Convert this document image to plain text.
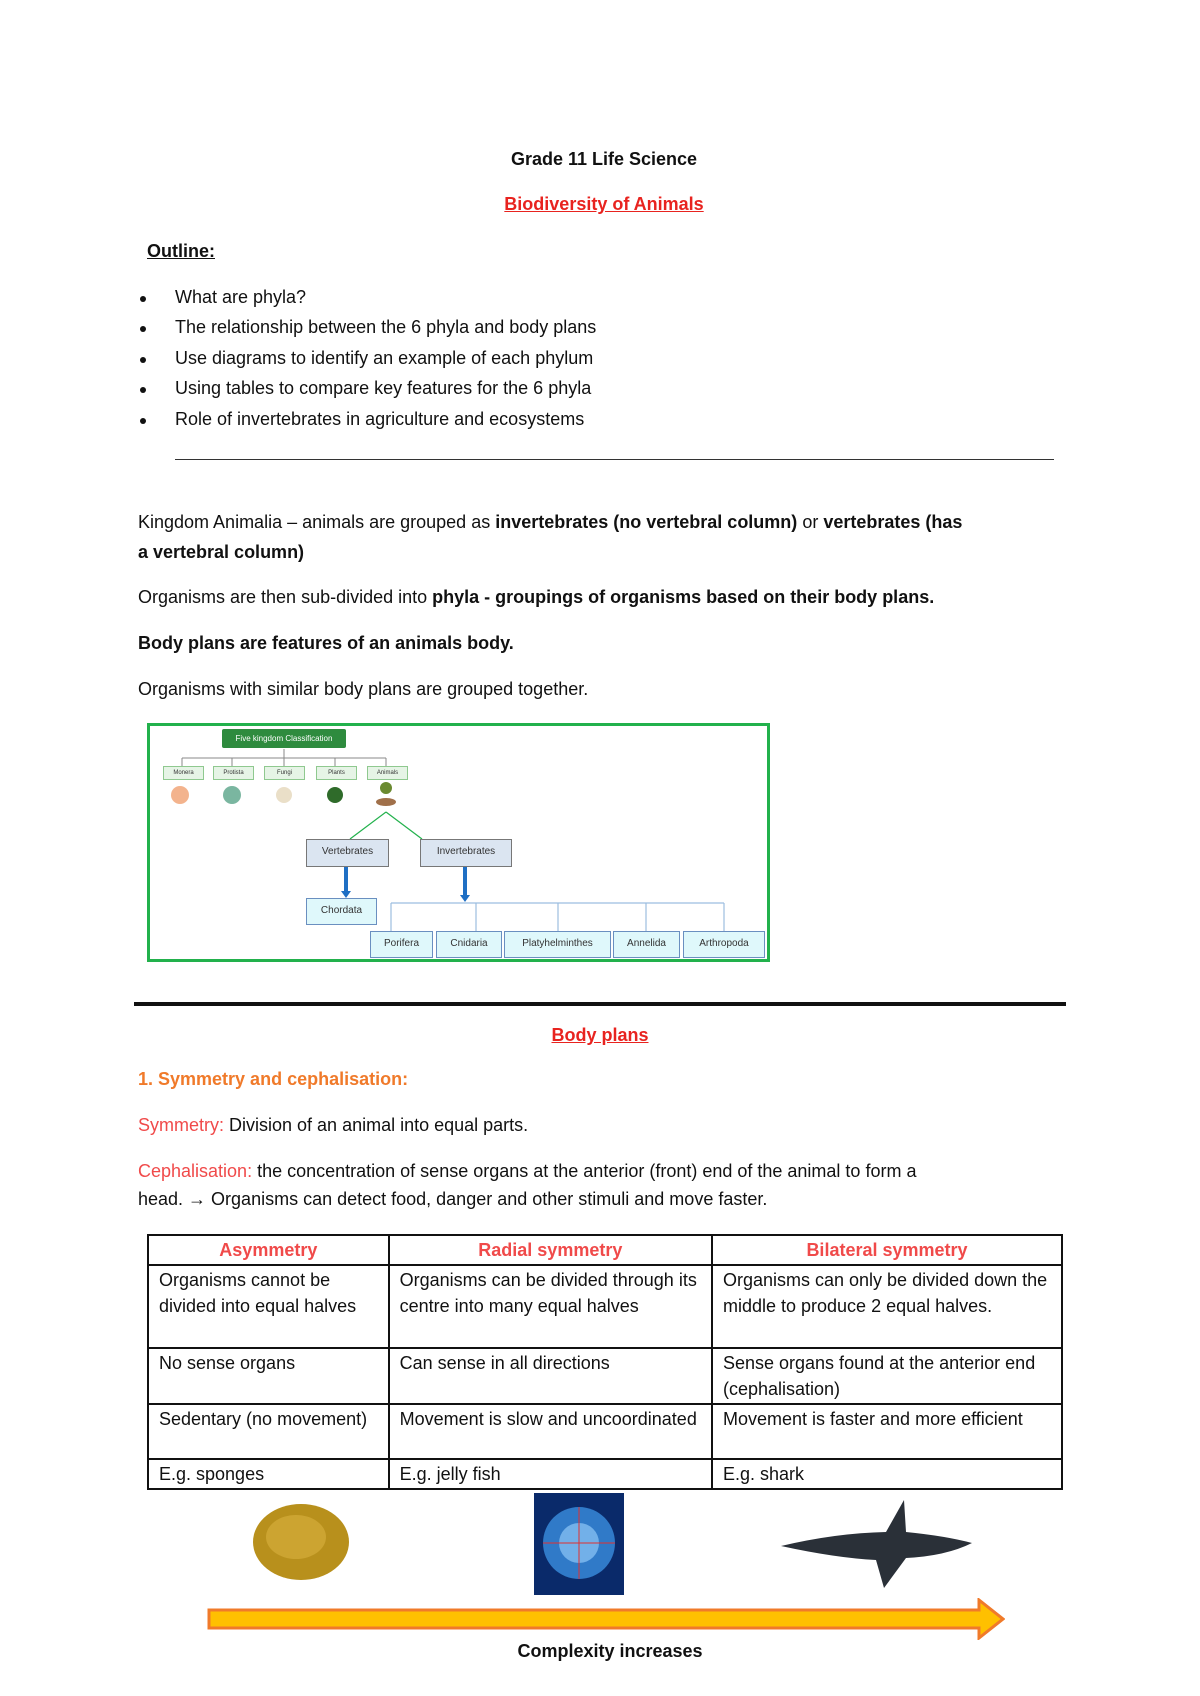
Grade 11 Life Science
Biodiversity of Animals
Outline:
What are phyla?
The relationship between the 6 phyla and body plans
Use diagrams to identify an example of each phylum
Using tables to compare key features for the 6 phyla
Role of invertebrates in agriculture and ecosystems
Kingdom Animalia – animals are grouped as invertebrates (no vertebral column) or vertebrates (has
a vertebral column)
Organisms are then sub-divided into phyla - groupings of organisms based on their body plans.
Body plans are features of an animals body.
Organisms with similar body plans are grouped together.
Five kingdom Classification
Monera	Protista	Fungi	Plants	Animals
Vertebrates	Invertebrates
Chordata
Porifera	Cnidaria	Platyhelminthes	Annelida	Arthropoda
Body plans
1. Symmetry and cephalisation:
Symmetry: Division of an animal into equal parts.
Cephalisation: the concentration of sense organs at the anterior (front) end of the animal to form a
head. → Organisms can detect food, danger and other stimuli and move faster.
Asymmetry	Radial symmetry	Bilateral symmetry
Organisms cannot be divided into equal halves	Organisms can be divided through its centre into many equal halves	Organisms can only be divided down the middle to produce 2 equal halves.
No sense organs	Can sense in all directions	Sense organs found at the anterior end (cephalisation)
Sedentary (no movement)	Movement is slow and uncoordinated	Movement is faster and more efficient
E.g. sponges	E.g. jelly fish	E.g. shark
Complexity increases
